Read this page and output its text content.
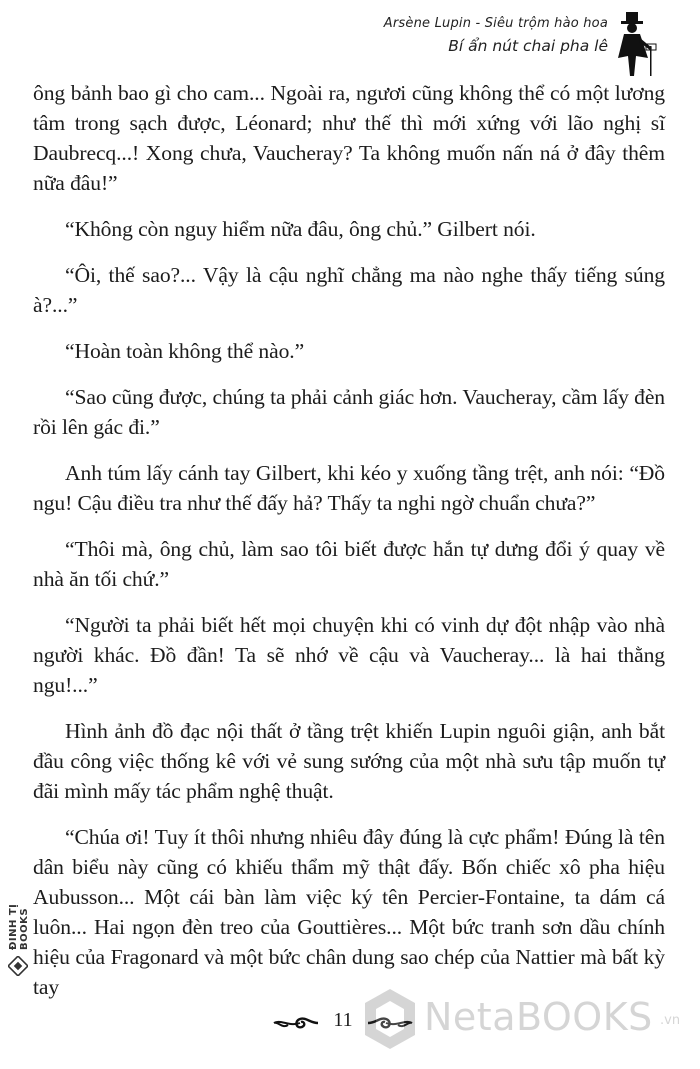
Arsène Lupin - Siêu trộm hào hoa
Bí ẩn nút chai pha lê

ông bảnh bao gì cho cam... Ngoài ra, ngươi cũng không thể có một lương tâm trong sạch được, Léonard; như thế thì mới xứng với lão nghị sĩ Daubrecq...! Xong chưa, Vaucheray? Ta không muốn nấn ná ở đây thêm nữa đâu!”

“Không còn nguy hiểm nữa đâu, ông chủ.” Gilbert nói.

“Ôi, thế sao?... Vậy là cậu nghĩ chẳng ma nào nghe thấy tiếng súng à?...”

“Hoàn toàn không thể nào.”

“Sao cũng được, chúng ta phải cảnh giác hơn. Vaucheray, cầm lấy đèn rồi lên gác đi.”

Anh túm lấy cánh tay Gilbert, khi kéo y xuống tầng trệt, anh nói: “Đồ ngu! Cậu điều tra như thế đấy hả? Thấy ta nghi ngờ chuẩn chưa?”

“Thôi mà, ông chủ, làm sao tôi biết được hắn tự dưng đổi ý quay về nhà ăn tối chứ.”

“Người ta phải biết hết mọi chuyện khi có vinh dự đột nhập vào nhà người khác. Đồ đần! Ta sẽ nhớ về cậu và Vaucheray... là hai thằng ngu!...”

Hình ảnh đồ đạc nội thất ở tầng trệt khiến Lupin nguôi giận, anh bắt đầu công việc thống kê với vẻ sung sướng của một nhà sưu tập muốn tự đãi mình mấy tác phẩm nghệ thuật.

“Chúa ơi! Tuy ít thôi nhưng nhiêu đây đúng là cực phẩm! Đúng là tên dân biểu này cũng có khiếu thẩm mỹ thật đấy. Bốn chiếc xô pha hiệu Aubusson... Một cái bàn làm việc ký tên Percier-Fontaine, ta dám cá luôn... Hai ngọn đèn treo của Gouttières... Một bức tranh sơn dầu chính hiệu của Fragonard và một bức chân dung sao chép của Nattier mà bất kỳ tay

ĐINH TỊ BOOKS
11 NetaBOOKS .vn
